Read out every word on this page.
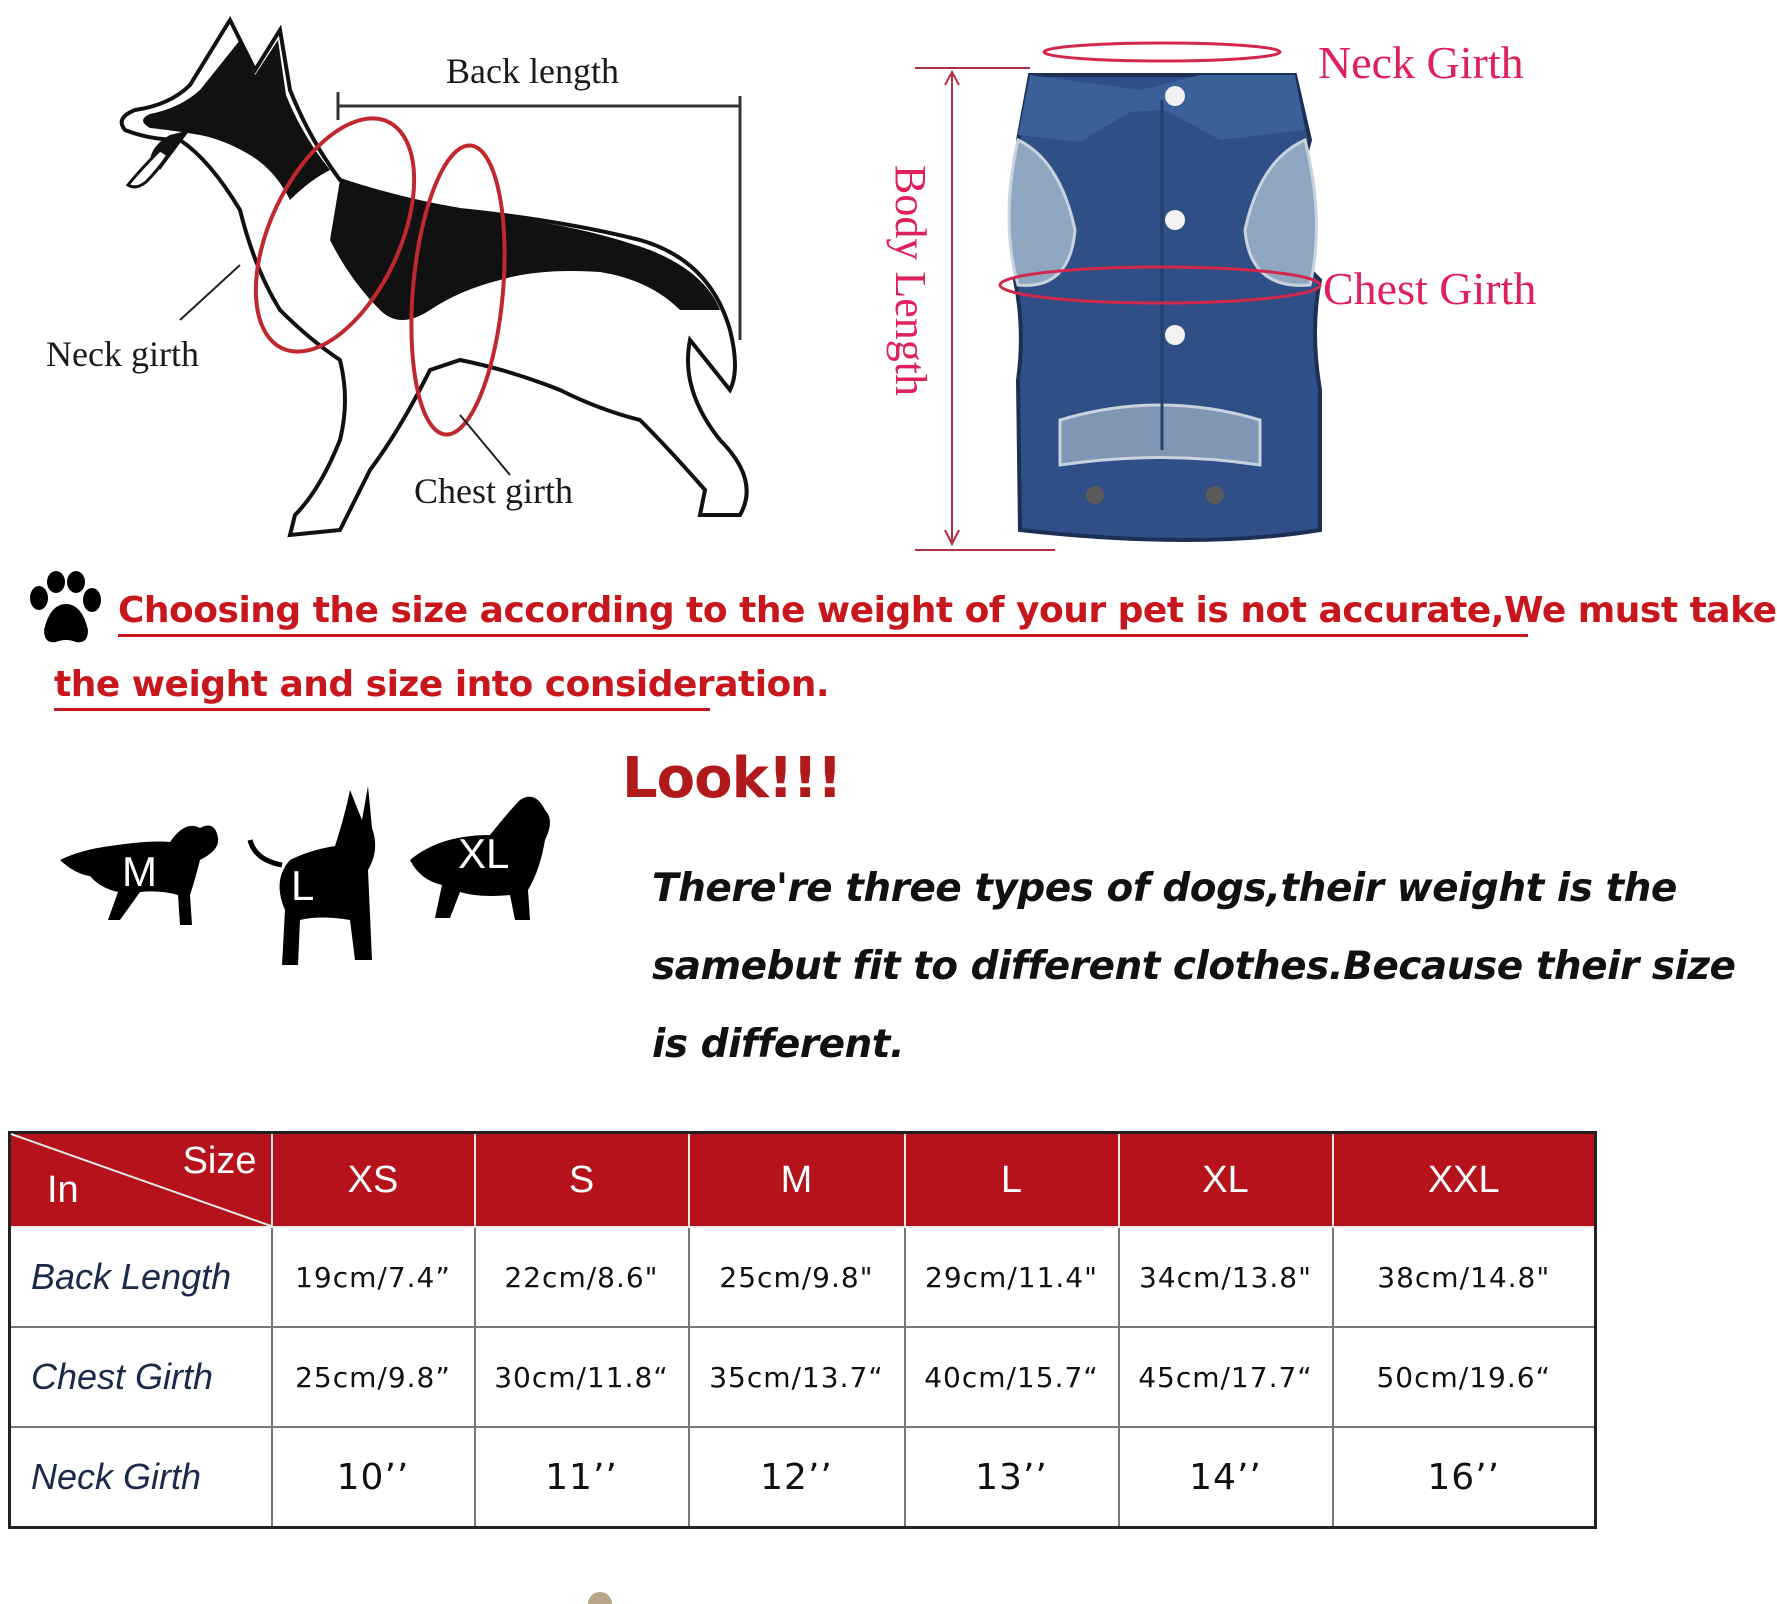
Back length
Neck girth
Chest girth
Neck Girth
Chest Girth
Body Length
Choosing the size according to the weight of your pet is not accurate,We must take
the weight and size into consideration.
M	L
XL
Look!!!
There're three types of dogs,their weight is the
samebut fit to different clothes.Because their size
is different.
Size
In	XS	S	M	L	XL	XXL
Back Length	19cm/7.4”	22cm/8.6"	25cm/9.8"	29cm/11.4"	34cm/13.8"	38cm/14.8"
Chest Girth	25cm/9.8”	30cm/11.8“	35cm/13.7“	40cm/15.7“	45cm/17.7“	50cm/19.6“
Neck Girth	10’’	11’’	12’’	13’’	14’’	16’’
